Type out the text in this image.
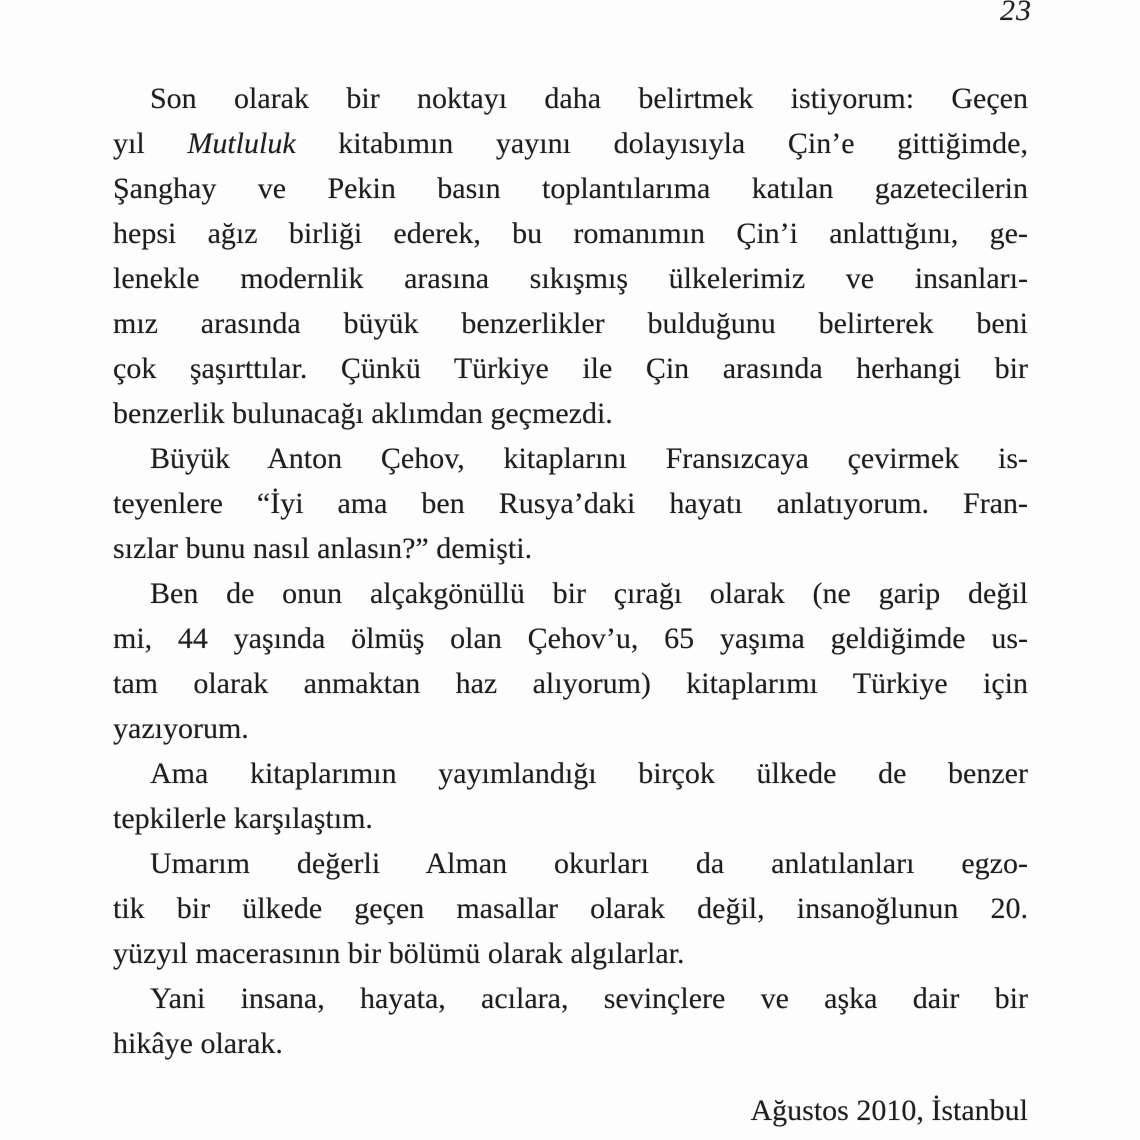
23
Son olarak bir noktayı daha belirtmek istiyorum: Geçen
yıl Mutluluk kitabımın yayını dolayısıyla Çin’e gittiğimde,
Şanghay ve Pekin basın toplantılarıma katılan gazetecilerin
hepsi ağız birliği ederek, bu romanımın Çin’i anlattığını, ge-
lenekle modernlik arasına sıkışmış ülkelerimiz ve insanları-
mız arasında büyük benzerlikler bulduğunu belirterek beni
çok şaşırttılar. Çünkü Türkiye ile Çin arasında herhangi bir
benzerlik bulunacağı aklımdan geçmezdi.
Büyük Anton Çehov, kitaplarını Fransızcaya çevirmek is-
teyenlere “İyi ama ben Rusya’daki hayatı anlatıyorum. Fran-
sızlar bunu nasıl anlasın?” demişti.
Ben de onun alçakgönüllü bir çırağı olarak (ne garip değil
mi, 44 yaşında ölmüş olan Çehov’u, 65 yaşıma geldiğimde us-
tam olarak anmaktan haz alıyorum) kitaplarımı Türkiye için
yazıyorum.
Ama kitaplarımın yayımlandığı birçok ülkede de benzer
tepkilerle karşılaştım.
Umarım değerli Alman okurları da anlatılanları egzo-
tik bir ülkede geçen masallar olarak değil, insanoğlunun 20.
yüzyıl macerasının bir bölümü olarak algılarlar.
Yani insana, hayata, acılara, sevinçlere ve aşka dair bir
hikâye olarak.
Ağustos 2010, İstanbul
